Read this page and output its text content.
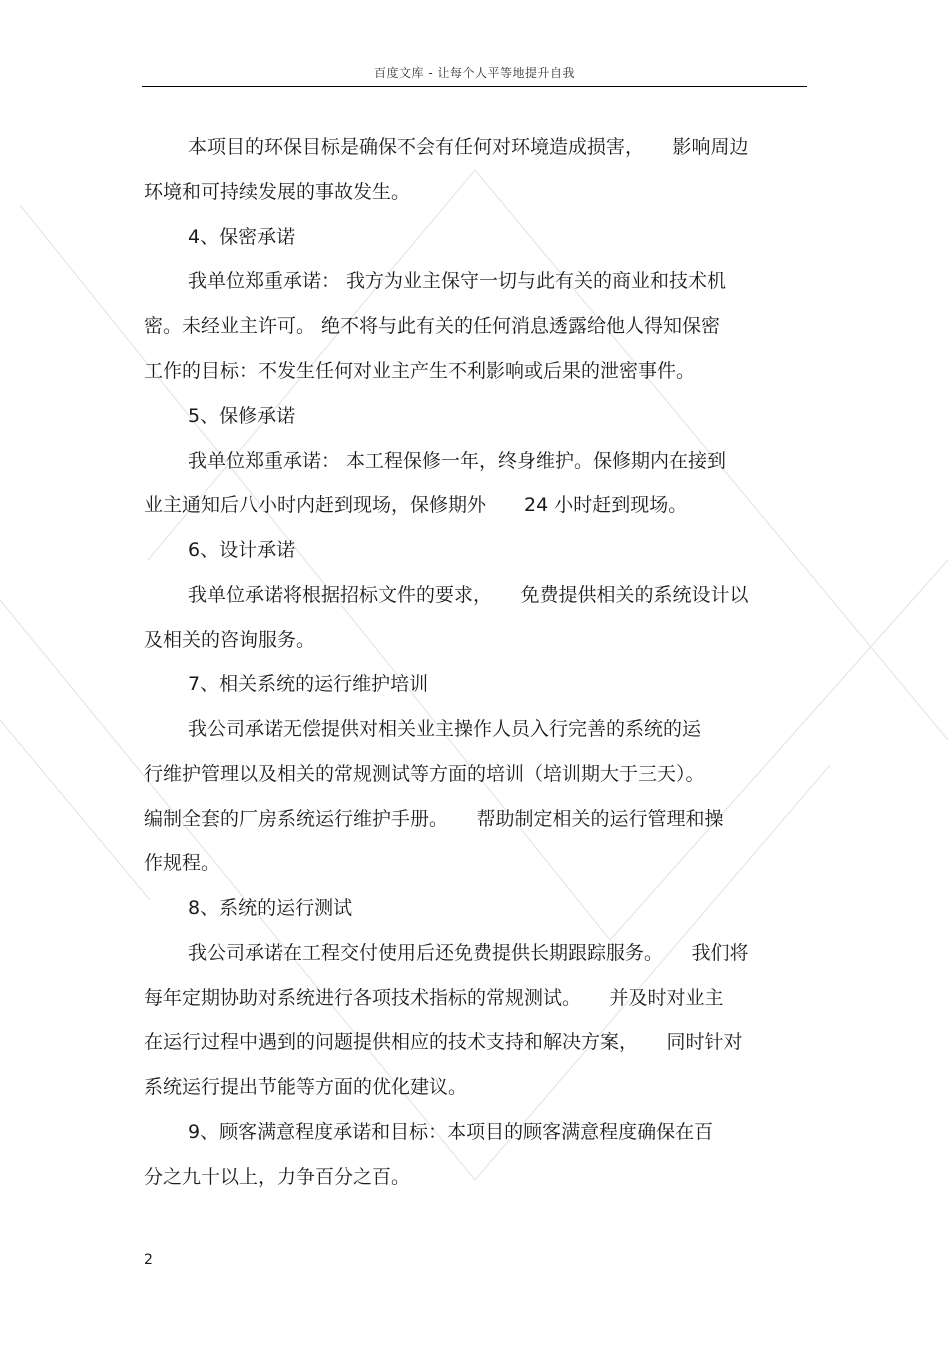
百度文库 - 让每个人平等地提升自我
本项目的环保目标是确保不会有任何对环境造成损害，　　影响周边
环境和可持续发展的事故发生。
4、保密承诺
我单位郑重承诺： 我方为业主保守一切与此有关的商业和技术机
密。未经业主许可。 绝不将与此有关的任何消息透露给他人得知保密
工作的目标：不发生任何对业主产生不利影响或后果的泄密事件。
5、保修承诺
我单位郑重承诺： 本工程保修一年，终身维护。保修期内在接到
业主通知后八小时内赶到现场，保修期外　　24 小时赶到现场。
6、设计承诺
我单位承诺将根据招标文件的要求，　　免费提供相关的系统设计以
及相关的咨询服务。
7、相关系统的运行维护培训
我公司承诺无偿提供对相关业主操作人员入行完善的系统的运
行维护管理以及相关的常规测试等方面的培训（培训期大于三天）。
编制全套的厂房系统运行维护手册。　　帮助制定相关的运行管理和操
作规程。
8、系统的运行测试
我公司承诺在工程交付使用后还免费提供长期跟踪服务。　　我们将
每年定期协助对系统进行各项技术指标的常规测试。　　并及时对业主
在运行过程中遇到的问题提供相应的技术支持和解决方案，　　同时针对
系统运行提出节能等方面的优化建议。
9、顾客满意程度承诺和目标：本项目的顾客满意程度确保在百
分之九十以上，力争百分之百。
2
